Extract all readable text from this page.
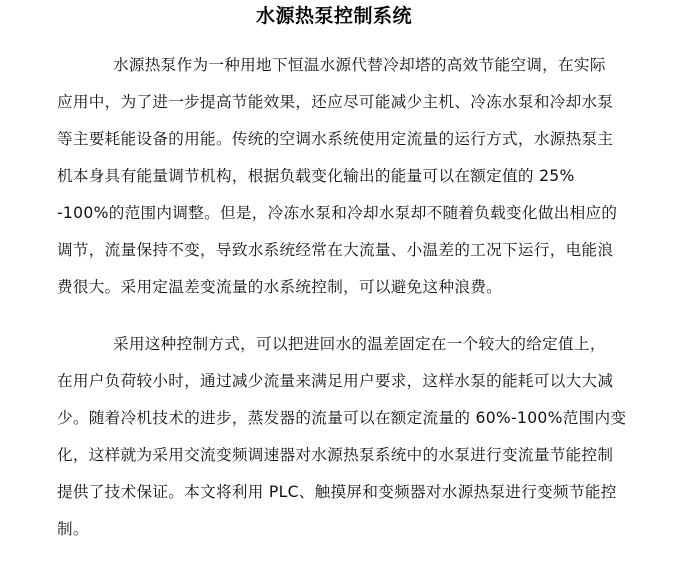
水源热泵控制系统
水源热泵作为一种用地下恒温水源代替冷却塔的高效节能空调，在实际
应用中，为了进一步提高节能效果，还应尽可能减少主机、冷冻水泵和冷却水泵
等主要耗能设备的用能。传统的空调水系统使用定流量的运行方式，水源热泵主
机本身具有能量调节机构，根据负载变化输出的能量可以在额定值的 25%
-100%的范围内调整。但是，冷冻水泵和冷却水泵却不随着负载变化做出相应的
调节，流量保持不变，导致水系统经常在大流量、小温差的工况下运行，电能浪
费很大。采用定温差变流量的水系统控制，可以避免这种浪费。
采用这种控制方式，可以把进回水的温差固定在一个较大的给定值上，
在用户负荷较小时，通过减少流量来满足用户要求，这样水泵的能耗可以大大减
少。随着冷机技术的进步，蒸发器的流量可以在额定流量的 60%-100%范围内变
化，这样就为采用交流变频调速器对水源热泵系统中的水泵进行变流量节能控制
提供了技术保证。本文将利用 PLC、触摸屏和变频器对水源热泵进行变频节能控
制。
